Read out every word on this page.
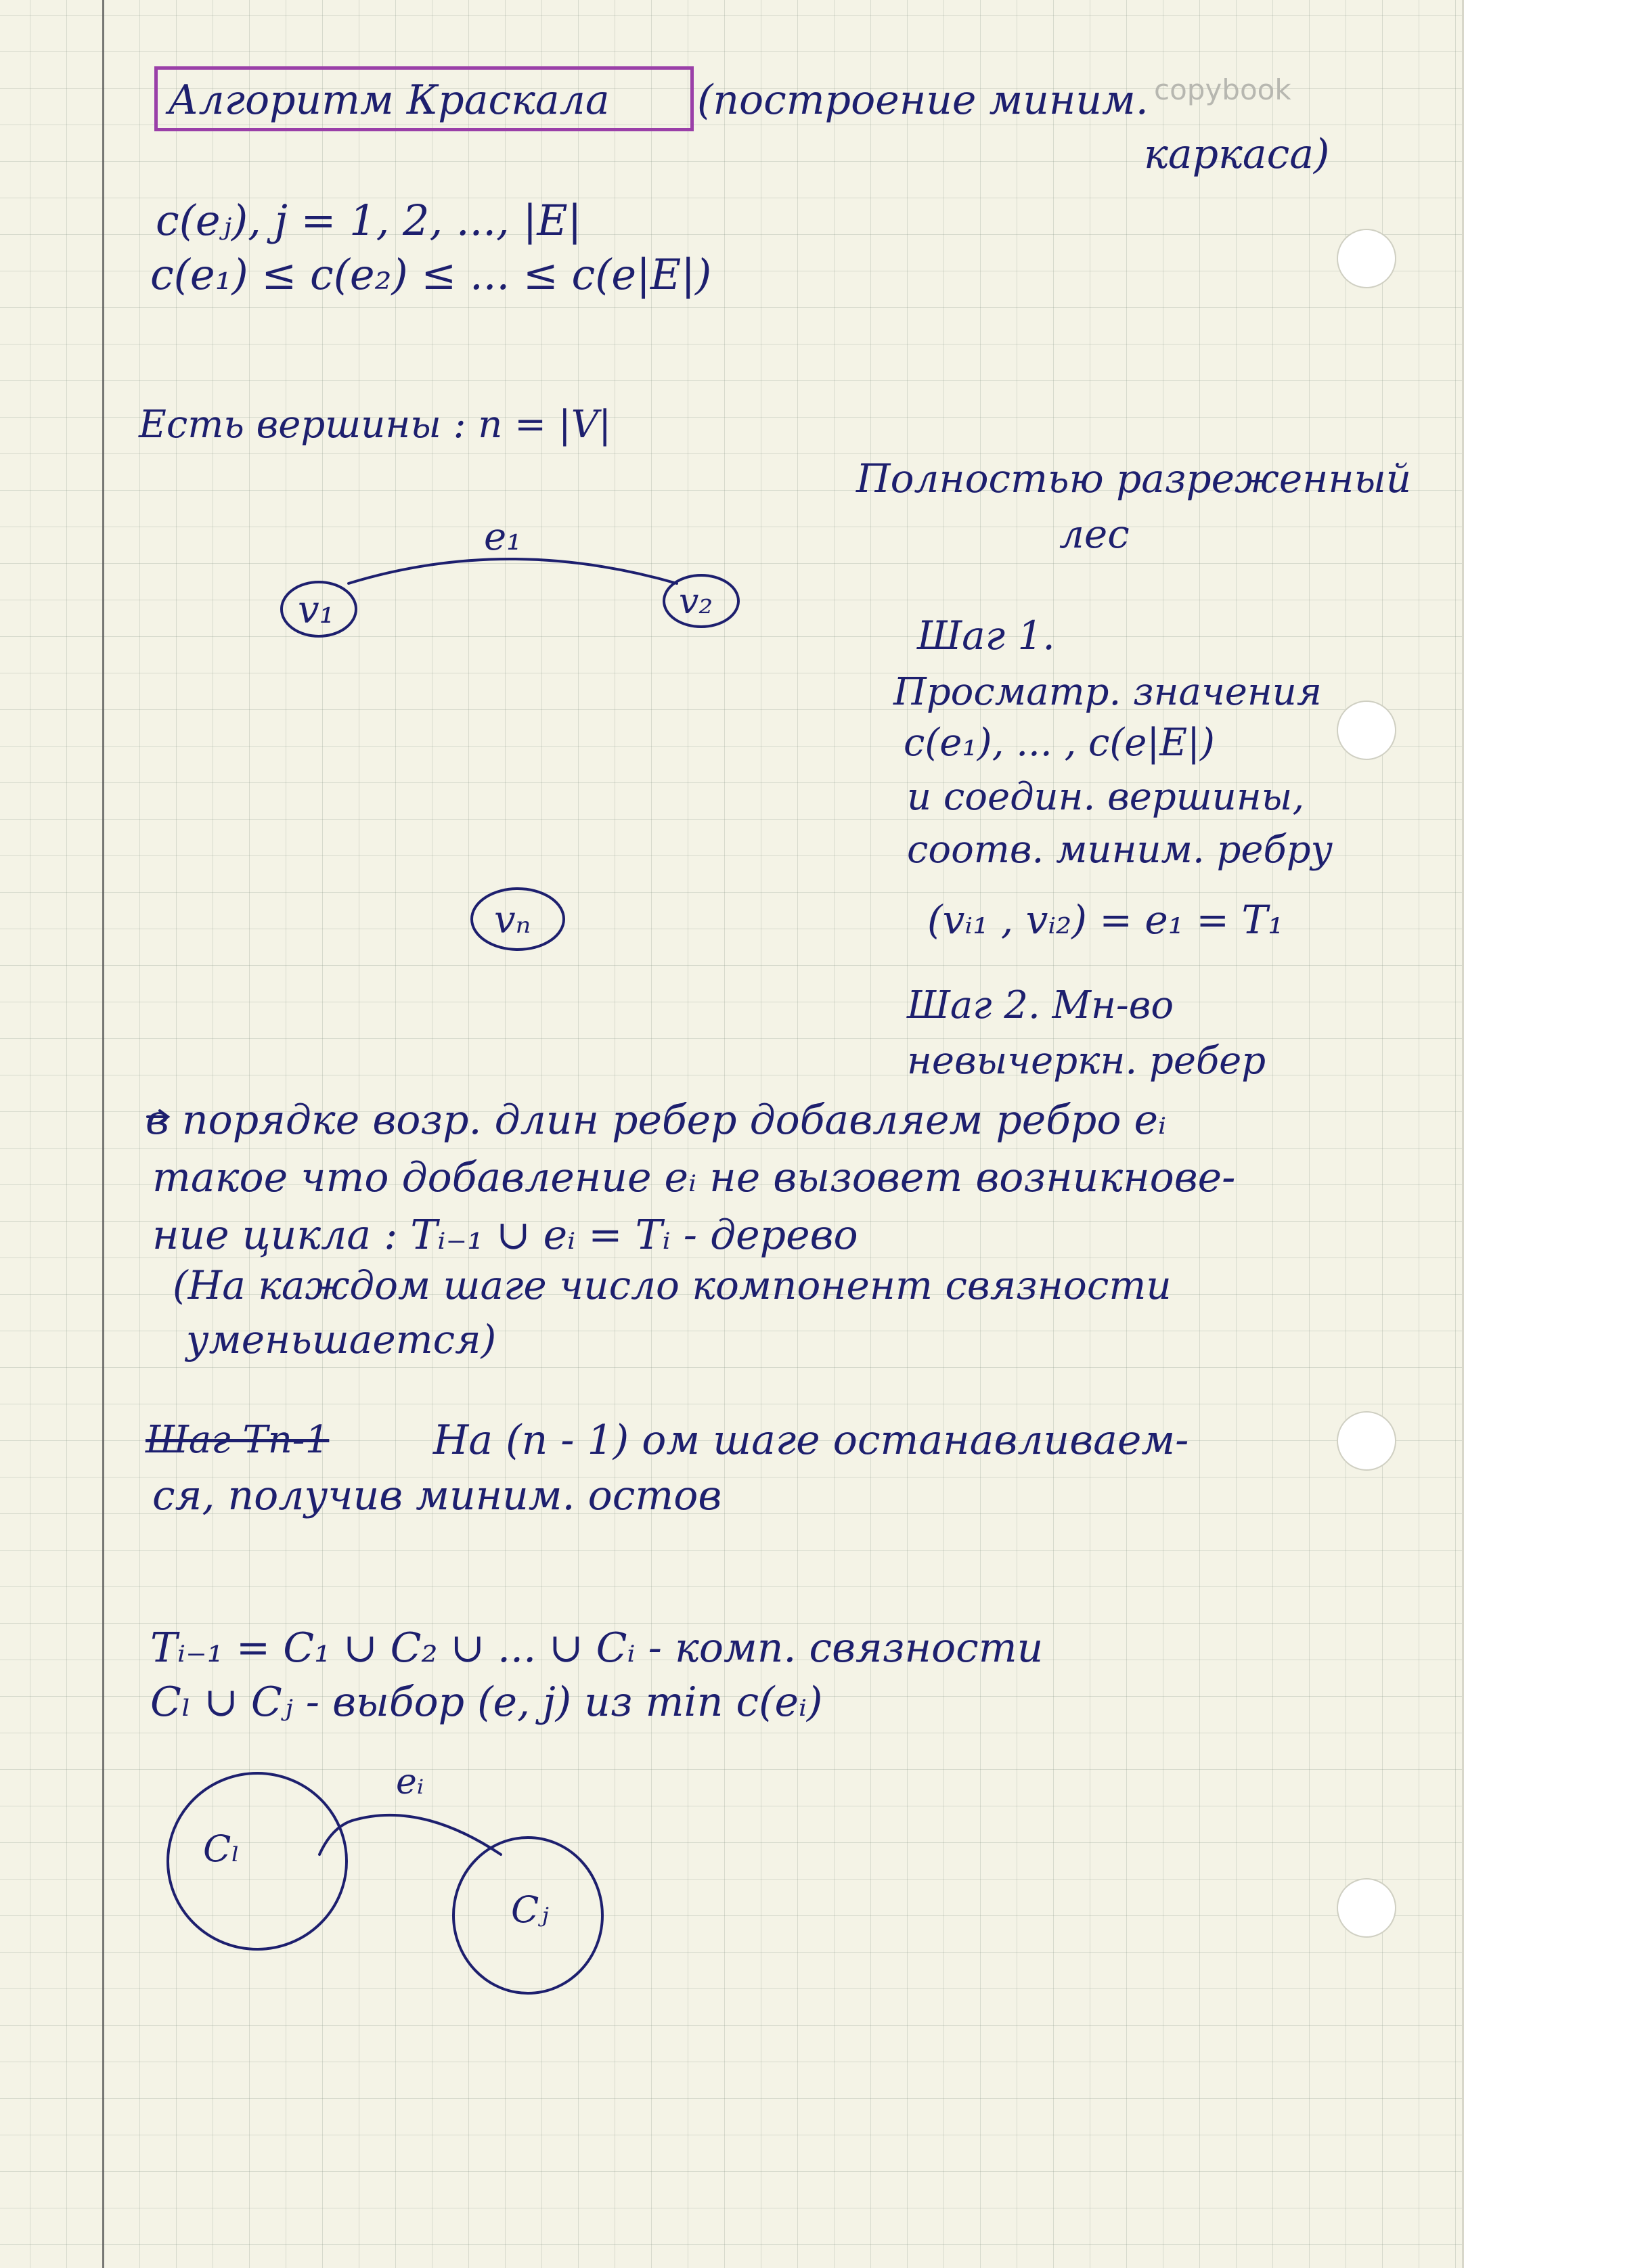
copybook
Алгоритм Краскала (построение миним.
каркаса)
c(eⱼ), j = 1, 2, ..., |E|
c(e₁) ≤ c(e₂) ≤ ... ≤ c(e|E|)
Есть вершины : n = |V|
Полностью разреженный
лес
Шаг 1.
Просматр. значения
c(e₁), ... , c(e|E|)
и соедин. вершины,
соотв. миним. ребру
(vᵢ₁ , vᵢ₂) = e₁ = T₁
Шаг 2. Мн-во
невычеркн. ребер
в порядке возр. длин ребер добавляем ребро eᵢ
такое что добавление eᵢ не вызовет возникнове-
ние цикла : Tᵢ₋₁ ∪ eᵢ = Tᵢ - дерево
(На каждом шаге число компонент связности
уменьшается)
Шаг Tn-1	На (n - 1) ом шаге останавливаем-
ся, получив миним. остов
Tᵢ₋₁ = C₁ ∪ C₂ ∪ ... ∪ Cᵢ - комп. связности
Cₗ ∪ Cⱼ - выбор (e, j) из min c(eᵢ)
e₁
v₁	v₂
vₙ
eᵢ
Cₗ
Cⱼ
